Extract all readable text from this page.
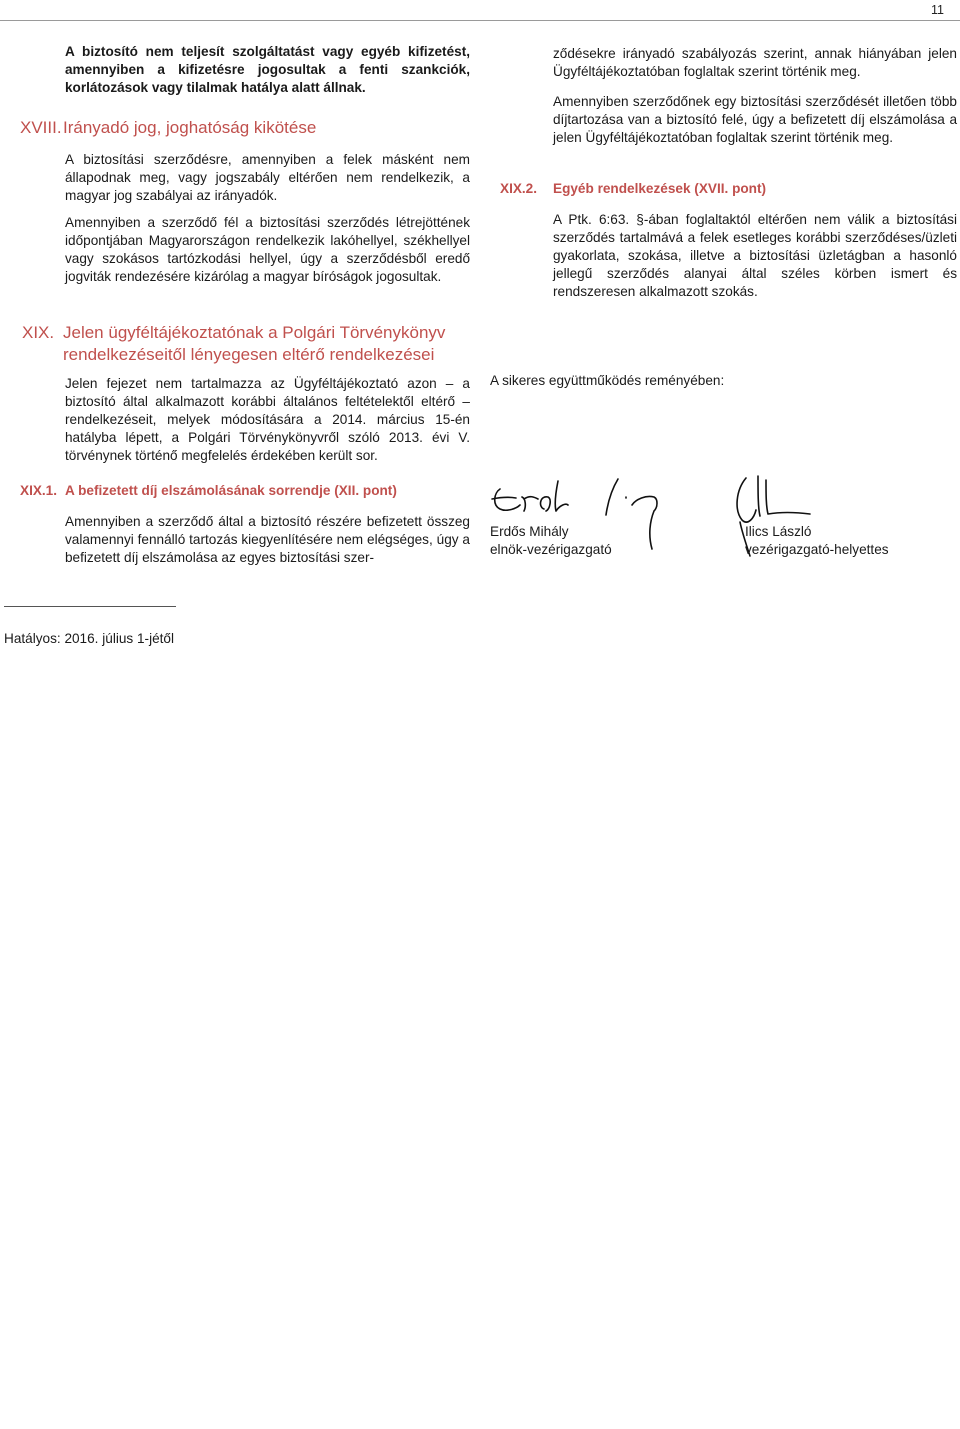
11
A biztosító nem teljesít szolgáltatást vagy egyéb kifizetést, amennyiben a kifizetésre jogosultak a fenti szankciók, korlátozások vagy tilalmak hatálya alatt állnak.
XVIII. Irányadó jog, joghatóság kikötése
A biztosítási szerződésre, amennyiben a felek másként nem állapodnak meg, vagy jogszabály eltérően nem rendelkezik, a magyar jog szabályai az irányadók.
Amennyiben a szerződő fél a biztosítási szerződés létrejöttének időpontjában Magyarországon rendelkezik lakóhellyel, székhellyel vagy szokásos tartózkodási hellyel, úgy a szerződésből eredő jogviták rendezésére kizárólag a magyar bíróságok jogosultak.
XIX. Jelen ügyféltájékoztatónak a Polgári Törvénykönyv
rendelkezéseitől lényegesen eltérő rendelkezései
Jelen fejezet nem tartalmazza az Ügyféltájékoztató azon – a biztosító által alkalmazott korábbi általános feltételektől eltérő – rendelkezéseit, melyek módosítására a 2014. március 15-én hatályba lépett, a Polgári Törvénykönyvről szóló 2013. évi V. törvénynek történő megfelelés érdekében került sor.
XIX.1. A befizetett díj elszámolásának sorrendje (XII. pont)
Amennyiben a szerződő által a biztosító részére befizetett összeg valamennyi fennálló tartozás kiegyenlítésére nem elégséges, úgy a befizetett díj elszámolása az egyes biztosítási szer-
ződésekre irányadó szabályozás szerint, annak hiányában jelen Ügyféltájékoztatóban foglaltak szerint történik meg.
Amennyiben szerződőnek egy biztosítási szerződését illetően több díjtartozása van a biztosító felé, úgy a befizetett díj elszámolása a jelen Ügyféltájékoztatóban foglaltak szerint történik meg.
XIX.2. Egyéb rendelkezések (XVII. pont)
A Ptk. 6:63. §-ában foglaltaktól eltérően nem válik a biztosítási szerződés tartalmává a felek esetleges korábbi szerződéses/üzleti gyakorlata, szokása, illetve a biztosítási üzletágban a hasonló jellegű szerződés alanyai által széles körben ismert és rendszeresen alkalmazott szokás.
A sikeres együttműködés reményében:
Erdős Mihály
elnök-vezérigazgató
Ilics László
vezérigazgató-helyettes
Hatályos: 2016. július 1-jétől
